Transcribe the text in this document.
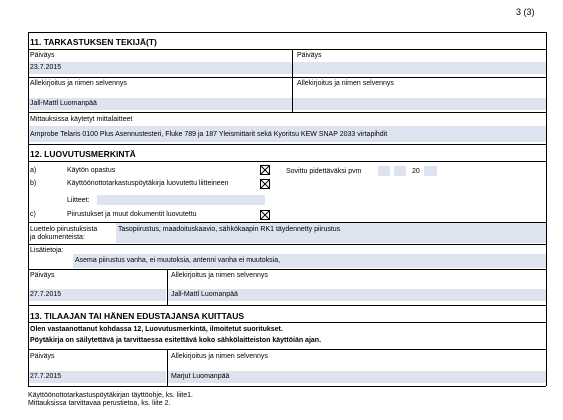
3 (3)
11. TARKASTUKSEN TEKIJÄ(T)
Päiväys	Päiväys
23.7.2015
Allekirjoitus ja nimen selvennys	Allekirjoitus ja nimen selvennys
Jall-Mattl Luomanpää
Mittauksissa käytetyt mittalaitteet
Amprobe Telaris 0100 Plus Asennustesteri, Fluke 789 ja 187 Yleismittarit sekä Kyoritsu KEW SNAP 2033 virtapihdit
12. LUOVUTUSMERKINTÄ
a)	Käytön opastus	Sovittu pidettäväksi pvm	20
b)	Käyttöönottotarkastuspöytäkirja luovutettu liitteineen
Liitteet:
c)	Piirustukset ja muut dokumentit luovutettu
Luettelo piirustuksista
ja dokumenteista:
Tasopiirustus, maadoituskaavio, sähkökaapin RK1 täydennetty piirustus
Lisätietoja:
Asema piirustus vanha, ei muutoksia, antenni vanha ei muutoksia,
Päiväys	Allekirjoitus ja nimen selvennys
27.7.2015	Jall-Mattl Luomanpää
13. TILAAJAN TAI HÄNEN EDUSTAJANSA KUITTAUS
Olen vastaanottanut kohdassa 12, Luovutusmerkintä, ilmoitetut suoritukset.
Pöytäkirja on säilytettävä ja tarvittaessa esitettävä koko sähkölaitteiston käyttöiän ajan.
Päiväys	Allekirjoitus ja nimen selvennys
27.7.2015	Marjut Luomanpää
Käyttöönottotarkastuspöytäkirjan täyttöohje, ks. liite1.
Mittauksissa tarvittavaa perustietoa, ks. liite 2.
